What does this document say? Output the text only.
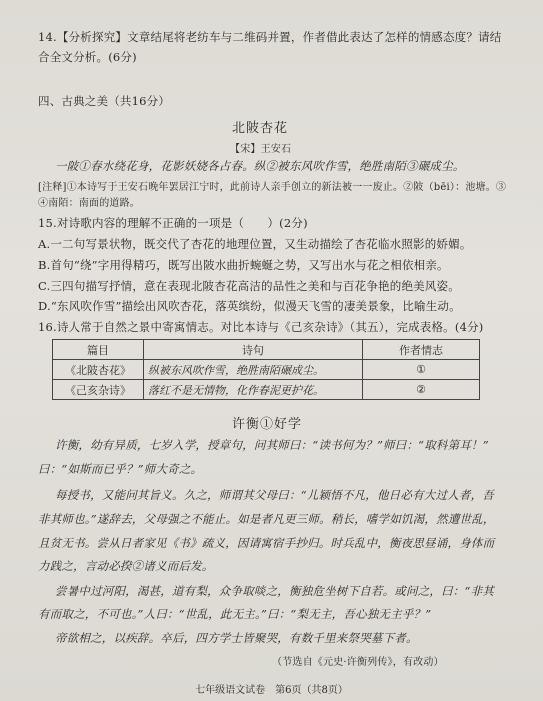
14.【分析探究】文章结尾将老纺车与二维码并置，作者借此表达了怎样的情感态度？请结
合全文分析。(6分)
四、古典之美（共16分）
北陂杏花
【宋】王安石
一陂①春水绕花身，花影妖娆各占春。纵②被东风吹作雪，绝胜南陌③碾成尘。
[注释]①本诗写于王安石晚年罢居江宁时，此前诗人亲手创立的新法被一一废止。②陂（bēi）：池塘。③
④南陌：南面的道路。
15.对诗歌内容的理解不正确的一项是（　　）(2分)
A.一二句写景状物，既交代了杏花的地理位置，又生动描绘了杏花临水照影的娇媚。
B.首句“绕”字用得精巧，既写出陂水曲折蜿蜒之势，又写出水与花之相依相亲。
C.三四句描写抒情，意在表现北陂杏花高洁的品性之美和与百花争艳的绝美风姿。
D.“东风吹作雪”描绘出风吹杏花，落英缤纷，似漫天飞雪的凄美景象，比喻生动。
16.诗人常于自然之景中寄寓情志。对比本诗与《己亥杂诗》（其五），完成表格。(4分)
篇目	诗句	作者情志
《北陂杏花》	纵被东风吹作雪，绝胜南陌碾成尘。	①
《己亥杂诗》	落红不是无情物，化作春泥更护花。	②
许衡①好学
许衡，幼有异质，七岁入学，授章句，问其师曰：“读书何为？”师曰：“取科第耳！”
曰：“如斯而已乎？”师大奇之。
每授书，又能问其旨义。久之，师谓其父母曰：“儿颖悟不凡，他日必有大过人者，吾
非其师也。”遂辞去，父母强之不能止。如是者凡更三师。稍长，嗜学如饥渴，然遭世乱，
且贫无书。尝从日者家见《书》疏义，因请寓宿手抄归。时兵乱中，衡夜思昼诵，身体而
力践之，言动必揆②诸义而后发。
尝暑中过河阳，渴甚，道有梨，众争取啖之，衡独危坐树下自若。或问之，曰：“非其
有而取之，不可也。”人曰：“世乱，此无主。”曰：“梨无主，吾心独无主乎？”
帝欲相之，以疾辞。卒后，四方学士皆聚哭，有数千里来祭哭墓下者。
（节选自《元史·许衡列传》，有改动）
七年级语文试卷　第6页（共8页）
